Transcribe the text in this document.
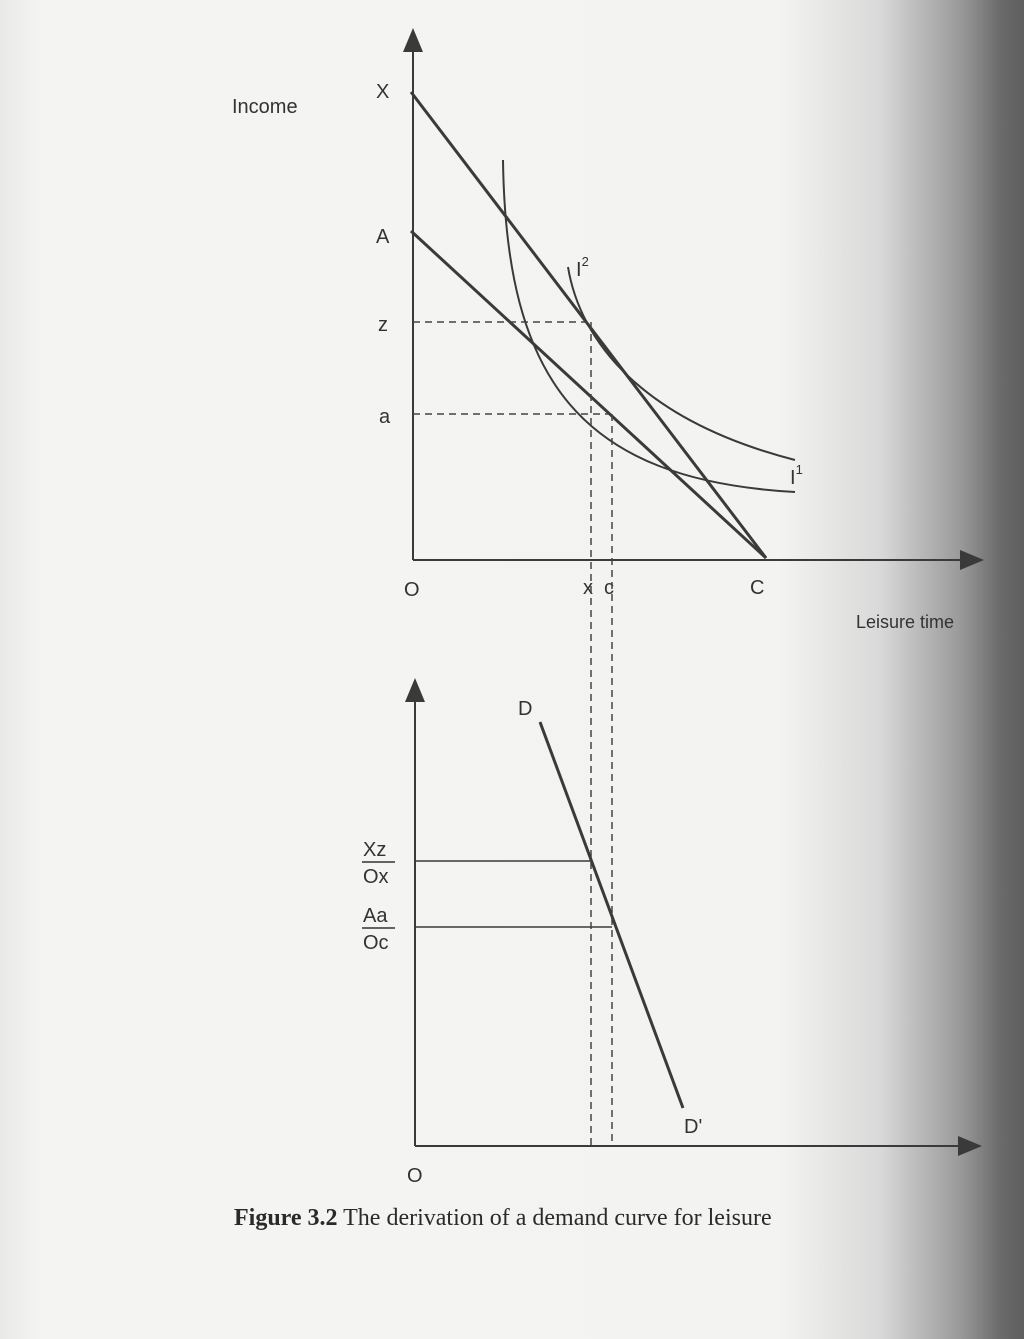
Income
Leisure time
O
X
A
z
a
x c	C
$I^2$
$I^1$
O
D
D'
Xz
Ox
Aa
Oc
Figure 3.2 The derivation of a demand curve for leisure
